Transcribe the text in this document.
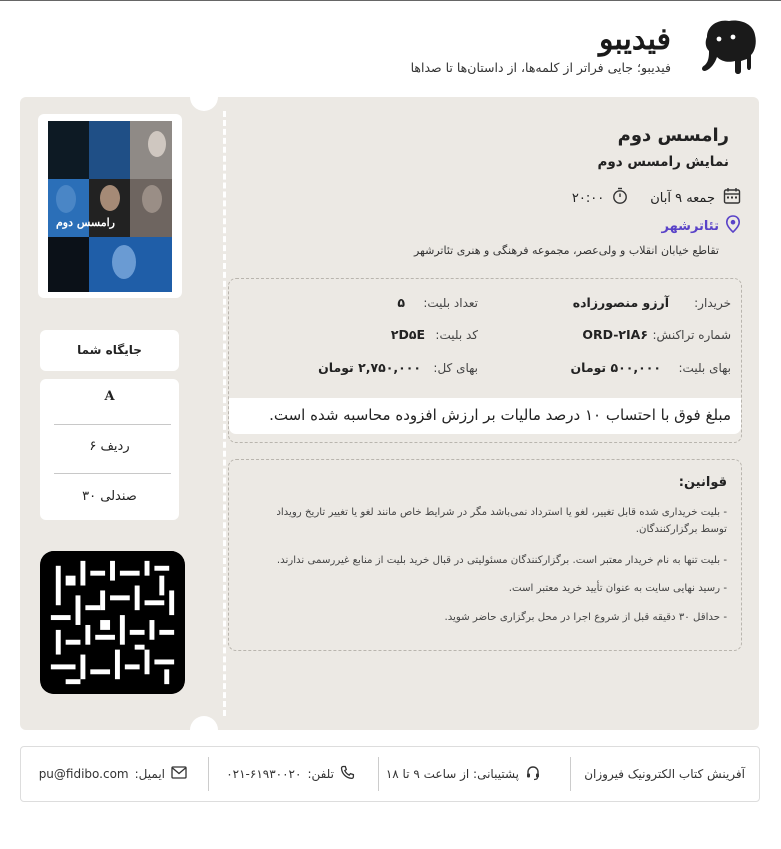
فیدیبو
فیدیبو؛ جایی فراتر از کلمه‌ها، از داستان‌ها تا صداها
رامسس دوم
نمایش رامسس دوم
جمعه ۹ آبان
۲۰:۰۰
تئاترشهر
تقاطع خیابان انقلاب و ولی‌عصر، مجموعه فرهنگی و هنری تئاترشهر
خریدار:
آرزو منصورزاده
تعداد بلیت:
۵
شماره تراکنش:
ORD-۲IA۶
کد بلیت:
۲D۵E
بهای بلیت:
۵۰۰,۰۰۰ تومان
بهای کل:
۲,۷۵۰,۰۰۰ تومان
مبلغ فوق با احتساب ۱۰ درصد مالیات بر ارزش افزوده محاسبه شده است.
قوانین:
- بلیت خریداری شده قابل تغییر، لغو یا استرداد نمی‌باشد مگر در شرایط خاص مانند لغو یا تغییر تاریخ رویداد توسط برگزارکنندگان.
- بلیت تنها به نام خریدار معتبر است. برگزارکنندگان مسئولیتی در قبال خرید بلیت از منابع غیررسمی ندارند.
- رسید نهایی سایت به عنوان تأیید خرید معتبر است.
- حداقل ۳۰ دقیقه قبل از شروع اجرا در محل برگزاری حاضر شوید.
رامسس دوم
جایگاه شما
A
ردیف ۶
صندلی ۳۰
آفرینش کتاب الکترونیک فیروزان
پشتیبانی: از ساعت ۹ تا ۱۸
تلفن:
۰۲۱-۶۱۹۳۰۰۲۰
ایمیل:
pu@fidibo.com
